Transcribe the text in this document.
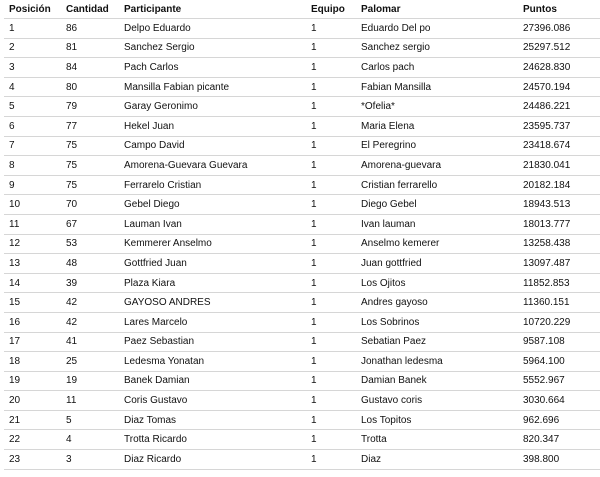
Posición	Cantidad	Participante	Equipo	Palomar	Puntos
1	86	Delpo Eduardo	1	Eduardo Del po	27396.086
2	81	Sanchez Sergio	1	Sanchez sergio	25297.512
3	84	Pach Carlos	1	Carlos pach	24628.830
4	80	Mansilla Fabian picante	1	Fabian Mansilla	24570.194
5	79	Garay Geronimo	1	*Ofelia*	24486.221
6	77	Hekel Juan	1	Maria Elena	23595.737
7	75	Campo David	1	El Peregrino	23418.674
8	75	Amorena-Guevara Guevara	1	Amorena-guevara	21830.041
9	75	Ferrarelo Cristian	1	Cristian ferrarello	20182.184
10	70	Gebel Diego	1	Diego Gebel	18943.513
11	67	Lauman Ivan	1	Ivan lauman	18013.777
12	53	Kemmerer Anselmo	1	Anselmo kemerer	13258.438
13	48	Gottfried Juan	1	Juan gottfried	13097.487
14	39	Plaza Kiara	1	Los Ojitos	11852.853
15	42	GAYOSO ANDRES	1	Andres gayoso	11360.151
16	42	Lares Marcelo	1	Los Sobrinos	10720.229
17	41	Paez Sebastian	1	Sebatian Paez	9587.108
18	25	Ledesma Yonatan	1	Jonathan ledesma	5964.100
19	19	Banek Damian	1	Damian Banek	5552.967
20	11	Coris Gustavo	1	Gustavo coris	3030.664
21	5	Diaz Tomas	1	Los Topitos	962.696
22	4	Trotta Ricardo	1	Trotta	820.347
23	3	Diaz Ricardo	1	Diaz	398.800
